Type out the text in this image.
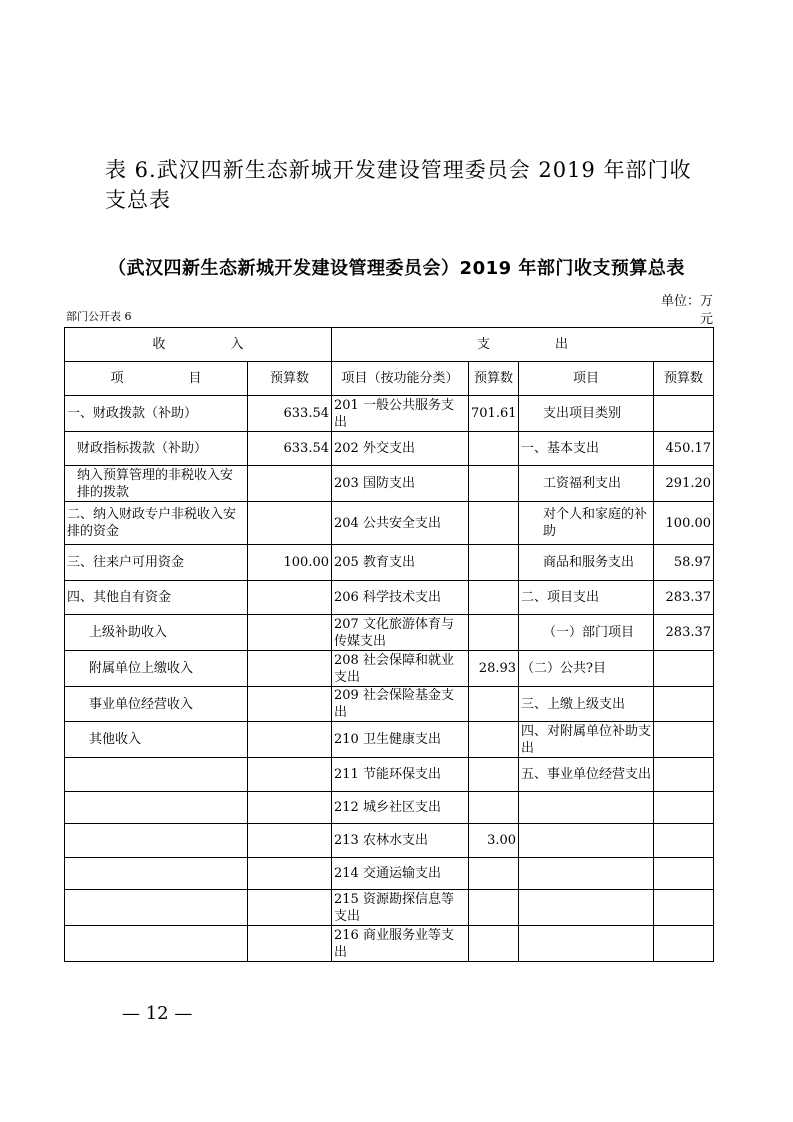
表 6.武汉四新生态新城开发建设管理委员会 2019 年部门收支总表
（武汉四新生态新城开发建设管理委员会）2019 年部门收支预算总表
单位：万
元
部门公开表 6
收　　　　　入		支　　　　　出			
项　　　　　目	预算数	项目（按功能分类）	预算数	项目	预算数
一、财政拨款（补助）	633.54	201 一般公共服务支出	701.61	支出项目类别	
财政指标拨款（补助）	633.54	202 外交支出		一、基本支出	450.17
纳入预算管理的非税收入安排的拨款		203 国防支出		工资福利支出	291.20
二、纳入财政专户非税收入安排的资金		204 公共安全支出		对个人和家庭的补助	100.00
三、往来户可用资金	100.00	205 教育支出		商品和服务支出	58.97
四、其他自有资金		206 科学技术支出		二、项目支出	283.37
上级补助收入		207 文化旅游体育与传媒支出		（一）部门项目	283.37
附属单位上缴收入		208 社会保障和就业支出	28.93	（二）公共?目	
事业单位经营收入		209 社会保险基金支出		三、上缴上级支出	
其他收入		210 卫生健康支出		四、对附属单位补助支出	
		211 节能环保支出		五、事业单位经营支出	
		212 城乡社区支出			
		213 农林水支出	3.00		
		214 交通运输支出			
		215 资源勘探信息等支出			
		216 商业服务业等支出			
— 12 —
